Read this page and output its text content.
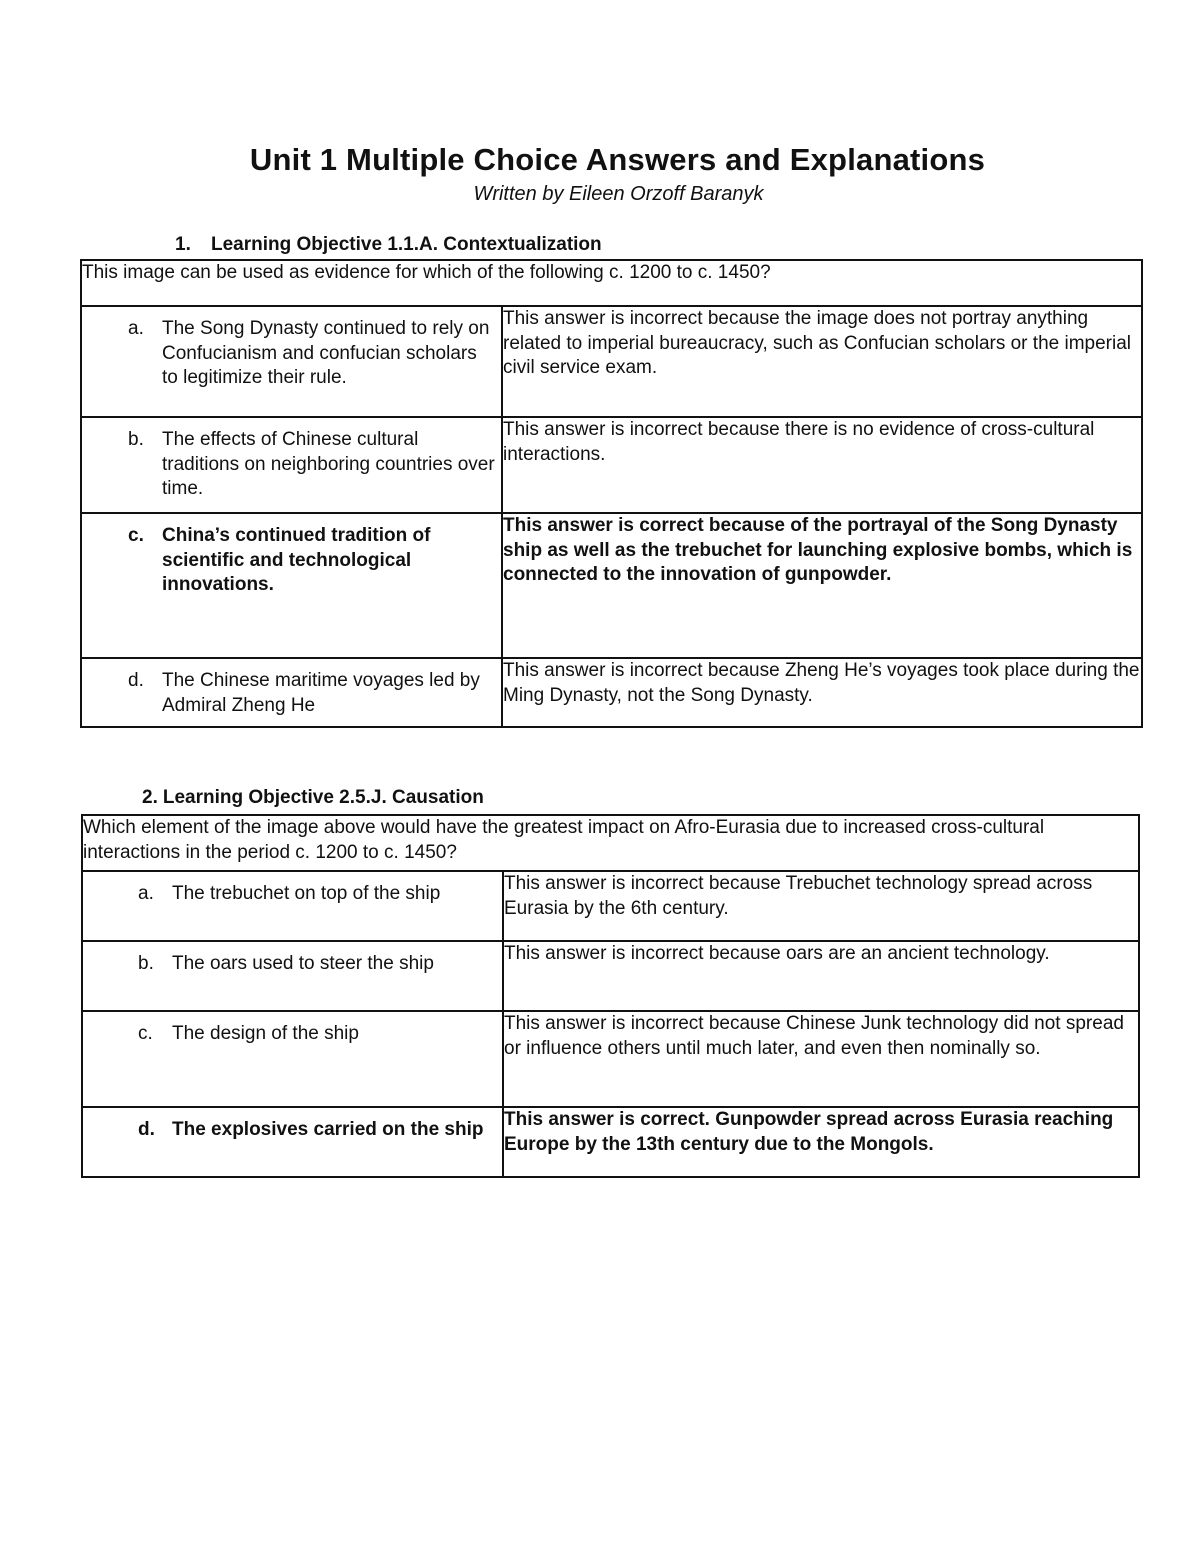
Unit 1 Multiple Choice Answers and Explanations
Written by Eileen Orzoff Baranyk
1. Learning Objective 1.1.A. Contextualization
This image can be used as evidence for which of the following c. 1200 to c. 1450?	

a. The Song Dynasty continued to rely on Confucianism and confucian scholars to legitimize their rule.	This answer is incorrect because the image does not portray anything related to imperial bureaucracy, such as Confucian scholars or the imperial civil service exam.

b. The effects of Chinese cultural traditions on neighboring countries over time.	This answer is incorrect because there is no evidence of cross-cultural interactions.

c. China’s continued tradition of scientific and technological innovations.	This answer is correct because of the portrayal of the Song Dynasty ship as well as the trebuchet for launching explosive bombs, which is connected to the innovation of gunpowder.

d. The Chinese maritime voyages led by Admiral Zheng He	This answer is incorrect because Zheng He’s voyages took place during the Ming Dynasty, not the Song Dynasty.
2. Learning Objective 2.5.J. Causation
Which element of the image above would have the greatest impact on Afro-Eurasia due to increased cross-cultural interactions in the period c. 1200 to c. 1450?	

a. The trebuchet on top of the ship	This answer is incorrect because Trebuchet technology spread across Eurasia by the 6th century.

b. The oars used to steer the ship	This answer is incorrect because oars are an ancient technology.

c. The design of the ship	This answer is incorrect because Chinese Junk technology did not spread or influence others until much later, and even then nominally so.

d. The explosives carried on the ship	This answer is correct. Gunpowder spread across Eurasia reaching Europe by the 13th century due to the Mongols.
